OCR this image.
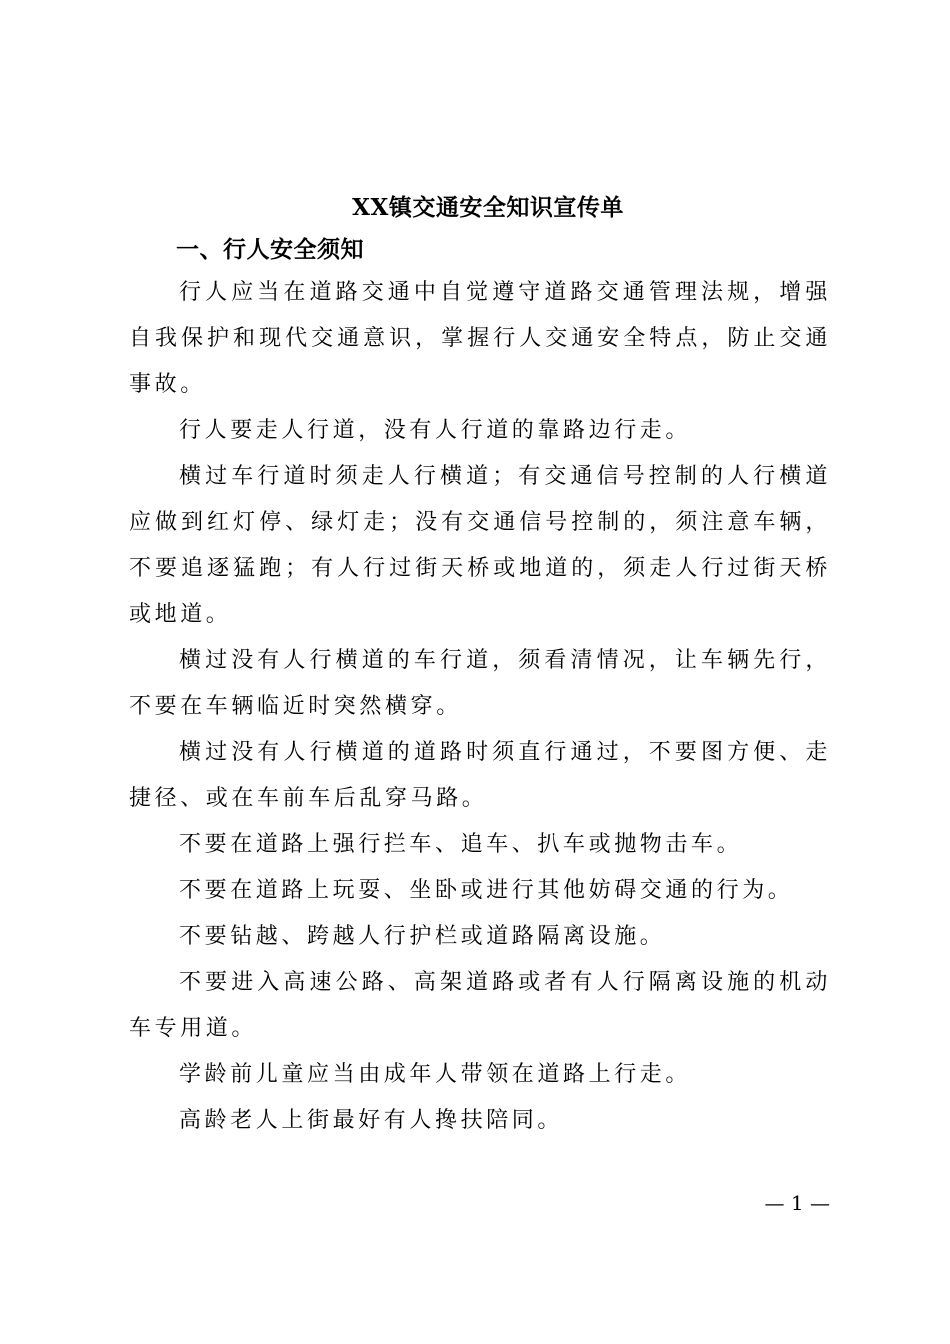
XX镇交通安全知识宣传单
一、行人安全须知

行人应当在道路交通中自觉遵守道路交通管理法规，增强自我保护和现代交通意识，掌握行人交通安全特点，防止交通事故。

行人要走人行道，没有人行道的靠路边行走。

横过车行道时须走人行横道；有交通信号控制的人行横道应做到红灯停、绿灯走；没有交通信号控制的，须注意车辆，不要追逐猛跑；有人行过街天桥或地道的，须走人行过街天桥或地道。

横过没有人行横道的车行道，须看清情况，让车辆先行，不要在车辆临近时突然横穿。

横过没有人行横道的道路时须直行通过，不要图方便、走捷径、或在车前车后乱穿马路。

不要在道路上强行拦车、追车、扒车或抛物击车。

不要在道路上玩耍、坐卧或进行其他妨碍交通的行为。

不要钻越、跨越人行护栏或道路隔离设施。

不要进入高速公路、高架道路或者有人行隔离设施的机动车专用道。

学龄前儿童应当由成年人带领在道路上行走。

高龄老人上街最好有人搀扶陪同。

— 1 —
